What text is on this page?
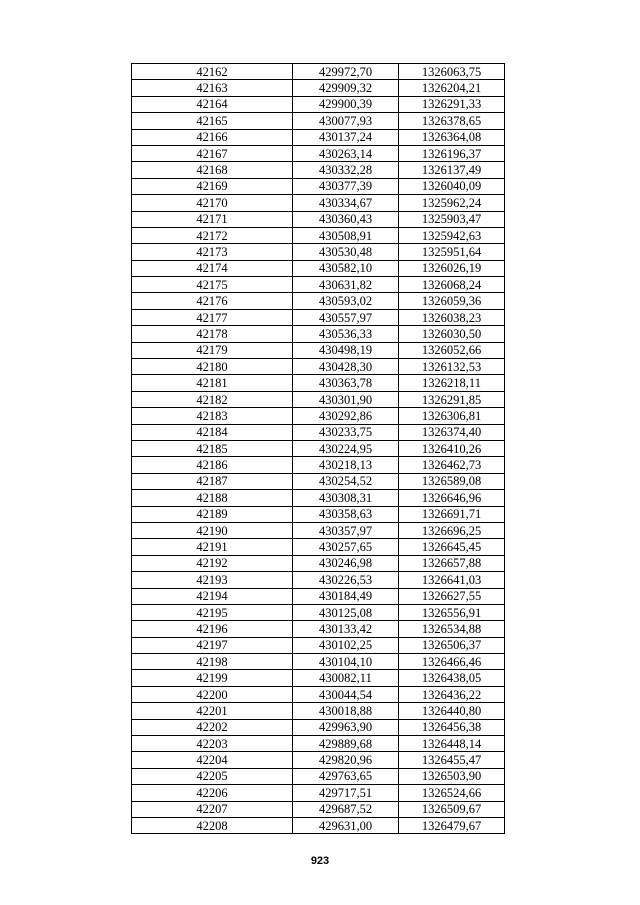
42162	429972,70	1326063,75
42163	429909,32	1326204,21
42164	429900,39	1326291,33
42165	430077,93	1326378,65
42166	430137,24	1326364,08
42167	430263,14	1326196,37
42168	430332,28	1326137,49
42169	430377,39	1326040,09
42170	430334,67	1325962,24
42171	430360,43	1325903,47
42172	430508,91	1325942,63
42173	430530,48	1325951,64
42174	430582,10	1326026,19
42175	430631,82	1326068,24
42176	430593,02	1326059,36
42177	430557,97	1326038,23
42178	430536,33	1326030,50
42179	430498,19	1326052,66
42180	430428,30	1326132,53
42181	430363,78	1326218,11
42182	430301,90	1326291,85
42183	430292,86	1326306,81
42184	430233,75	1326374,40
42185	430224,95	1326410,26
42186	430218,13	1326462,73
42187	430254,52	1326589,08
42188	430308,31	1326646,96
42189	430358,63	1326691,71
42190	430357,97	1326696,25
42191	430257,65	1326645,45
42192	430246,98	1326657,88
42193	430226,53	1326641,03
42194	430184,49	1326627,55
42195	430125,08	1326556,91
42196	430133,42	1326534,88
42197	430102,25	1326506,37
42198	430104,10	1326466,46
42199	430082,11	1326438,05
42200	430044,54	1326436,22
42201	430018,88	1326440,80
42202	429963,90	1326456,38
42203	429889,68	1326448,14
42204	429820,96	1326455,47
42205	429763,65	1326503,90
42206	429717,51	1326524,66
42207	429687,52	1326509,67
42208	429631,00	1326479,67
923
